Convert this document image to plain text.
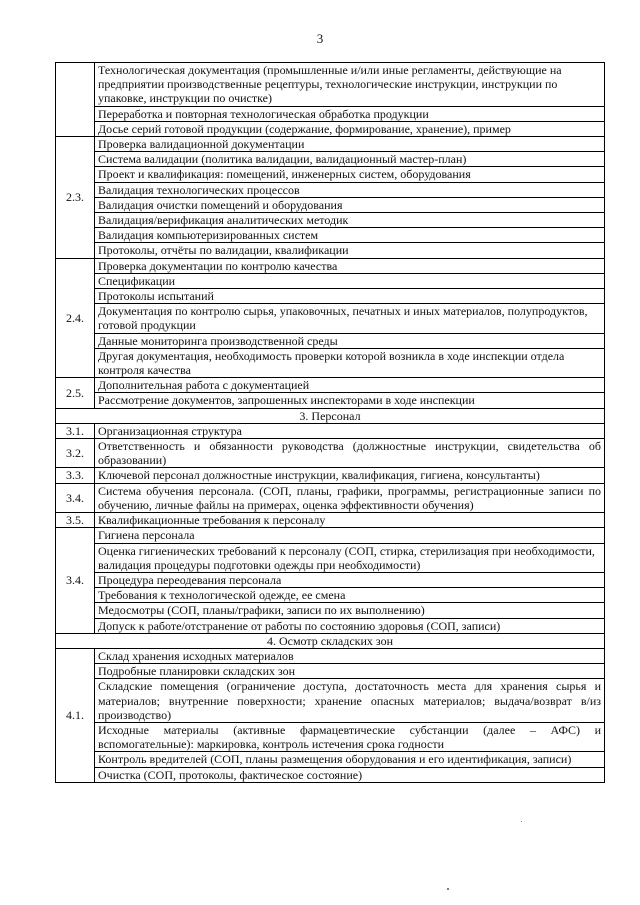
3
	Технологическая документация (промышленные и/или иные регламенты, действующие на предприятии производственные рецептуры, технологические инструкции, инструкции по упаковке, инструкции по очистке)
	Переработка и повторная технологическая обработка продукции
	Досье серий готовой продукции (содержание, формирование, хранение), пример
2.3.	Проверка валидационной документации
	Система валидации (политика валидации, валидационный мастер-план)
	Проект и квалификация: помещений, инженерных систем, оборудования
	Валидация технологических процессов
	Валидация очистки помещений и оборудования
	Валидация/верификация аналитических методик
	Валидация компьютеризированных систем
	Протоколы, отчёты по валидации, квалификации
2.4.	Проверка документации по контролю качества
	Спецификации
	Протоколы испытаний
	Документация по контролю сырья, упаковочных, печатных и иных материалов, полупродуктов, готовой продукции
	Данные мониторинга производственной среды
	Другая документация, необходимость проверки которой возникла в ходе инспекции отдела контроля качества
2.5.	Дополнительная работа с документацией
	Рассмотрение документов, запрошенных инспекторами в ходе инспекции
3. Персонал	
3.1.	Организационная структура
3.2.	Ответственность и обязанности руководства (должностные инструкции, свидетельства об образовании)
3.3.	Ключевой персонал должностные инструкции, квалификация, гигиена, консультанты)
3.4.	Система обучения персонала. (СОП, планы, графики, программы, регистрационные записи по обучению, личные файлы на примерах, оценка эффективности обучения)
3.5.	Квалификационные требования к персоналу
3.4.	Гигиена персонала
	Оценка гигиенических требований к персоналу (СОП, стирка, стерилизация при необходимости, валидация процедуры подготовки одежды при необходимости)
	Процедура переодевания персонала
	Требования к технологической одежде, ее смена
	Медосмотры (СОП, планы/графики, записи по их выполнению)
	Допуск к работе/отстранение от работы по состоянию здоровья (СОП, записи)
4. Осмотр складских зон	
4.1.	Склад хранения исходных материалов
	Подробные планировки складских зон
	Складские помещения (ограничение доступа, достаточность места для хранения сырья и материалов; внутренние поверхности; хранение опасных материалов; выдача/возврат в/из производство)
	Исходные материалы (активные фармацевтические субстанции (далее – АФС) и вспомогательные): маркировка, контроль истечения срока годности
	Контроль вредителей (СОП, планы размещения оборудования и его идентификация, записи)
	Очистка (СОП, протоколы, фактическое состояние)
